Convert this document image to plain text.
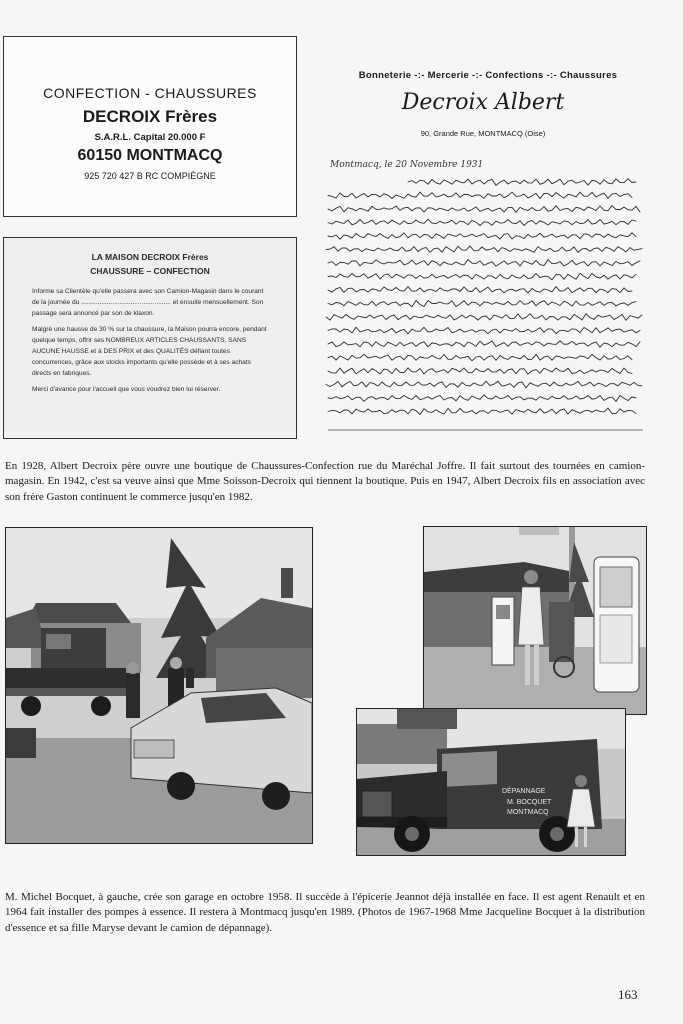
CONFECTION - CHAUSSURES
DECROIX Frères
S.A.R.L. Capital 20.000 F
60150 MONTMACQ
925 720 427 B RC COMPIÈGNE
LA MAISON DECROIX Frères
CHAUSSURE – CONFECTION
Informe sa Clientèle qu'elle passera avec son Camion-Magasin dans le courant de la journée du ................................................. et ensuite mensuellement. Son passage sera annoncé par son de klaxon.
Malgré une hausse de 30 % sur la chaussure, la Maison pourra encore, pendant quelque temps, offrir ses NOMBREUX ARTICLES CHAUSSANTS, SANS AUCUNE HAUSSE et à DES PRIX et des QUALITÉS défiant toutes concurrences, grâce aux stocks importants qu'elle possède et à ses achats directs en fabriques.
Merci d'avance pour l'accueil que vous voudrez bien lui réserver.
Bonneterie -:- Mercerie -:- Confections -:- Chaussures
Decroix Albert
90, Grande Rue, MONTMACQ (Oise)
Montmacq, le 20 Novembre 1931
En 1928, Albert Decroix père ouvre une boutique de Chaussures-Confection rue du Maréchal Joffre. Il fait surtout des tournées en camion-magasin. En 1942, c'est sa veuve ainsi que Mme Soisson-Decroix qui tiennent la boutique. Puis en 1947, Albert Decroix fils en association avec son frère Gaston continuent le commerce jusqu'en 1982.
DÉPANNAGE
M. BOCQUET
MONTMACQ
M. Michel Bocquet, à gauche, crée son garage en octobre 1958. Il succède à l'épicerie Jeannot déjà installée en face. Il est agent Renault et en 1964 fait installer des pompes à essence. Il restera à Montmacq jusqu'en 1989. (Photos de 1967-1968 Mme Jacqueline Bocquet à la distribution d'essence et sa fille Maryse devant le camion de dépannage).
163
